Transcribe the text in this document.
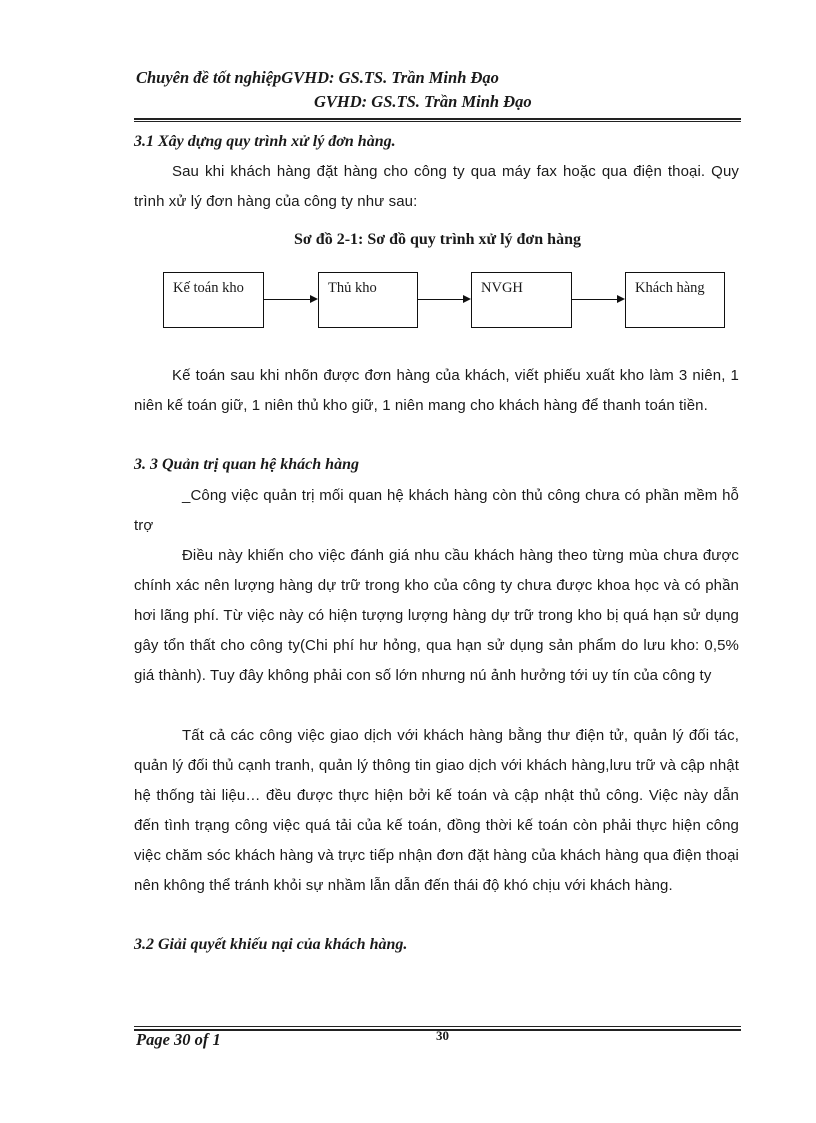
Chuyên đề tốt nghiệpGVHD: GS.TS. Trần Minh Đạo
GVHD: GS.TS. Trần Minh Đạo
3.1 Xây dựng quy trình xử lý đơn hàng.
Sau khi khách hàng đặt hàng cho công ty qua máy fax hoặc qua điện thoại. Quy trình xử lý đơn hàng của công ty như sau:
Sơ đồ 2-1: Sơ đồ quy trình xử lý đơn hàng
Kế toán kho	Thủ kho	NVGH	Khách hàng
Kế toán sau khi nhõn được đơn hàng của khách, viết phiếu xuất kho làm 3 niên, 1 niên kế toán giữ, 1 niên thủ kho giữ, 1 niên mang cho khách hàng để thanh toán tiền.
3. 3 Quản trị quan hệ khách hàng
_Công việc quản trị mối quan hệ khách hàng còn thủ công chưa có phần mềm hỗ trợ
Điều này khiến cho việc đánh giá nhu cầu khách hàng theo từng mùa chưa được chính xác nên lượng hàng dự trữ trong kho của công ty chưa được khoa học và có phần hơi lãng phí. Từ việc này có hiện tượng lượng hàng dự trữ trong kho bị quá hạn sử dụng gây tổn thất cho công ty(Chi phí hư hỏng, qua hạn sử dụng sản phẩm do lưu kho: 0,5% giá thành). Tuy đây không phải con số lớn nhưng nú ảnh hưởng tới uy tín của công ty
Tất cả các công việc giao dịch với khách hàng bằng thư điện tử, quản lý đối tác, quản lý đối thủ cạnh tranh, quản lý thông tin giao dịch với khách hàng,lưu trữ và cập nhật hệ thống tài liệu… đều được thực hiện bởi kế toán và cập nhật thủ công. Việc này dẫn đến tình trạng công việc quá tải của kế toán, đồng thời kế toán còn phải thực hiện công việc chăm sóc khách hàng và trực tiếp nhận đơn đặt hàng của khách hàng qua điện thoại nên không thể tránh khỏi sự nhầm lẫn dẫn đến thái độ khó chịu với khách hàng.
3.2 Giải quyết khiếu nại của khách hàng.
Page 30 of 1	30
